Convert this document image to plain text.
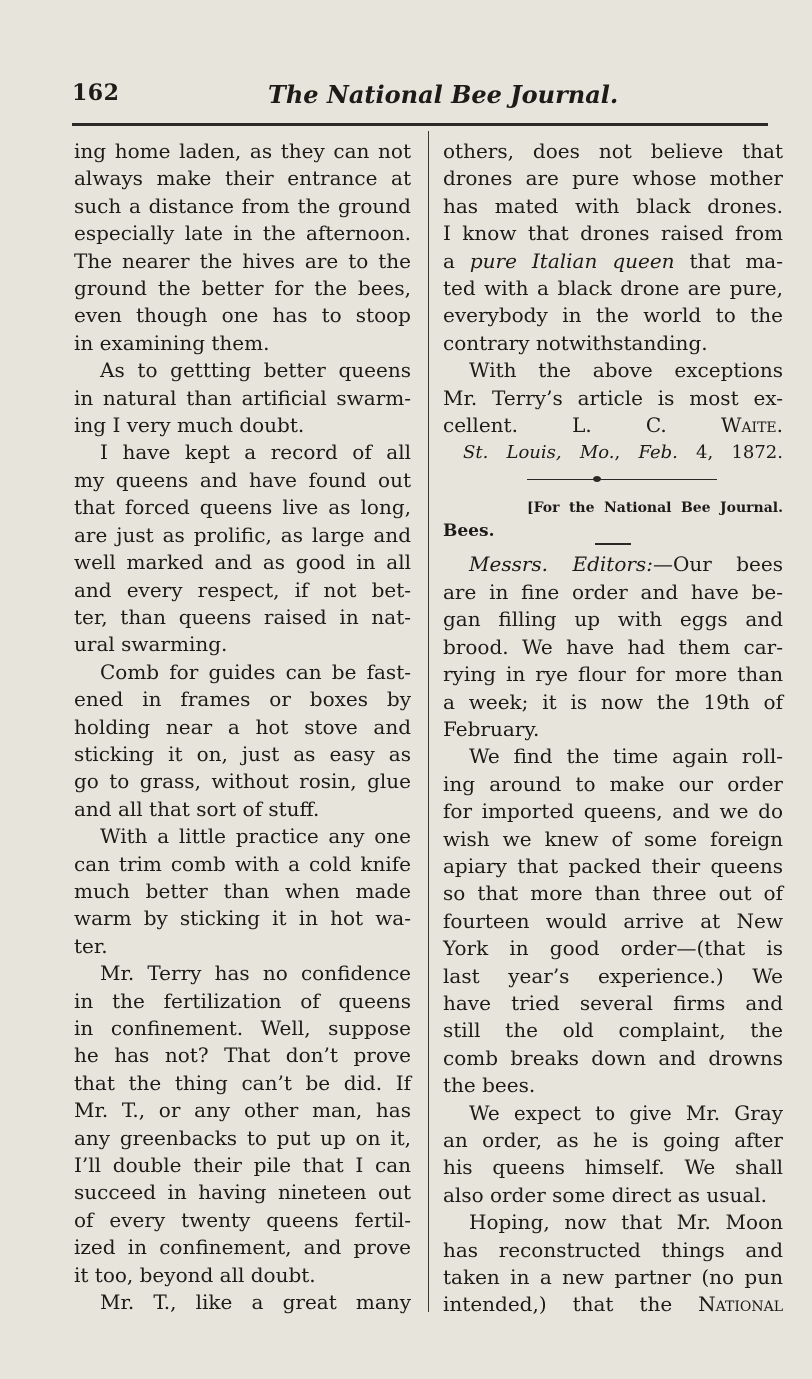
162	The National Bee Journal.

ing home laden, as they can not

always make their entrance at

such a distance from the ground

especially late in the afternoon.

The nearer the hives are to the

ground the better for the bees,

even though one has to stoop

in examining them.

As to gettting better queens

in natural than artificial swarm-

ing I very much doubt.

I have kept a record of all

my queens and have found out

that forced queens live as long,

are just as prolific, as large and

well marked and as good in all

and every respect, if not bet-

ter, than queens raised in nat-

ural swarming.

Comb for guides can be fast-

ened in frames or boxes by

holding near a hot stove and

sticking it on, just as easy as

go to grass, without rosin, glue

and all that sort of stuff.

With a little practice any one

can trim comb with a cold knife

much better than when made

warm by sticking it in hot wa-

ter.

Mr. Terry has no confidence

in the fertilization of queens

in confinement. Well, suppose

he has not? That don’t prove

that the thing can’t be did. If

Mr. T., or any other man, has

any greenbacks to put up on it,

I’ll double their pile that I can

succeed in having nineteen out

of every twenty queens fertil-

ized in confinement, and prove

it too, beyond all doubt.

Mr. T., like a great many

others, does not believe that

drones are pure whose mother

has mated with black drones.

I know that drones raised from

a pure Italian queen that ma-

ted with a black drone are pure,

everybody in the world to the

contrary notwithstanding.

With the above exceptions

Mr. Terry’s article is most ex-

cellent.	L. C. Waite.

St. Louis, Mo., Feb. 4, 1872.

[For the National Bee Journal.

Bees.

Messrs. Editors:—Our bees

are in fine order and have be-

gan filling up with eggs and

brood. We have had them car-

rying in rye flour for more than

a week; it is now the 19th of

February.

We find the time again roll-

ing around to make our order

for imported queens, and we do

wish we knew of some foreign

apiary that packed their queens

so that more than three out of

fourteen would arrive at New

York in good order—(that is

last year’s experience.) We

have tried several firms and

still the old complaint, the

comb breaks down and drowns

the bees.

We expect to give Mr. Gray

an order, as he is going after

his queens himself. We shall

also order some direct as usual.

Hoping, now that Mr. Moon

has reconstructed things and

taken in a new partner (no pun

intended,) that the National
